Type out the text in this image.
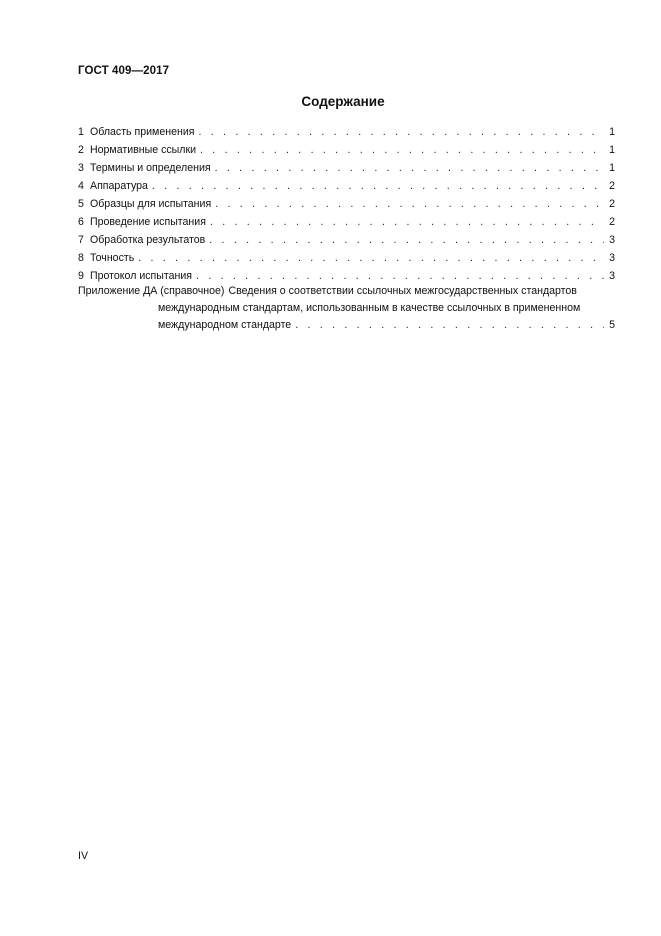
ГОСТ 409—2017
Содержание
1 Область применения . . .	1
2 Нормативные ссылки . . .	1
3 Термины и определения . . .	1
4 Аппаратура . . .	2
5 Образцы для испытания . . .	2
6 Проведение испытания . . .	2
7 Обработка результатов . . .	3
8 Точность . . .	3
9 Протокол испытания . . .	3
Приложение ДА (справочное) Сведения о соответствии ссылочных межгосударственных стандартов
международным стандартам, использованным в качестве ссылочных в примененном
международном стандарте . . .	5
IV
